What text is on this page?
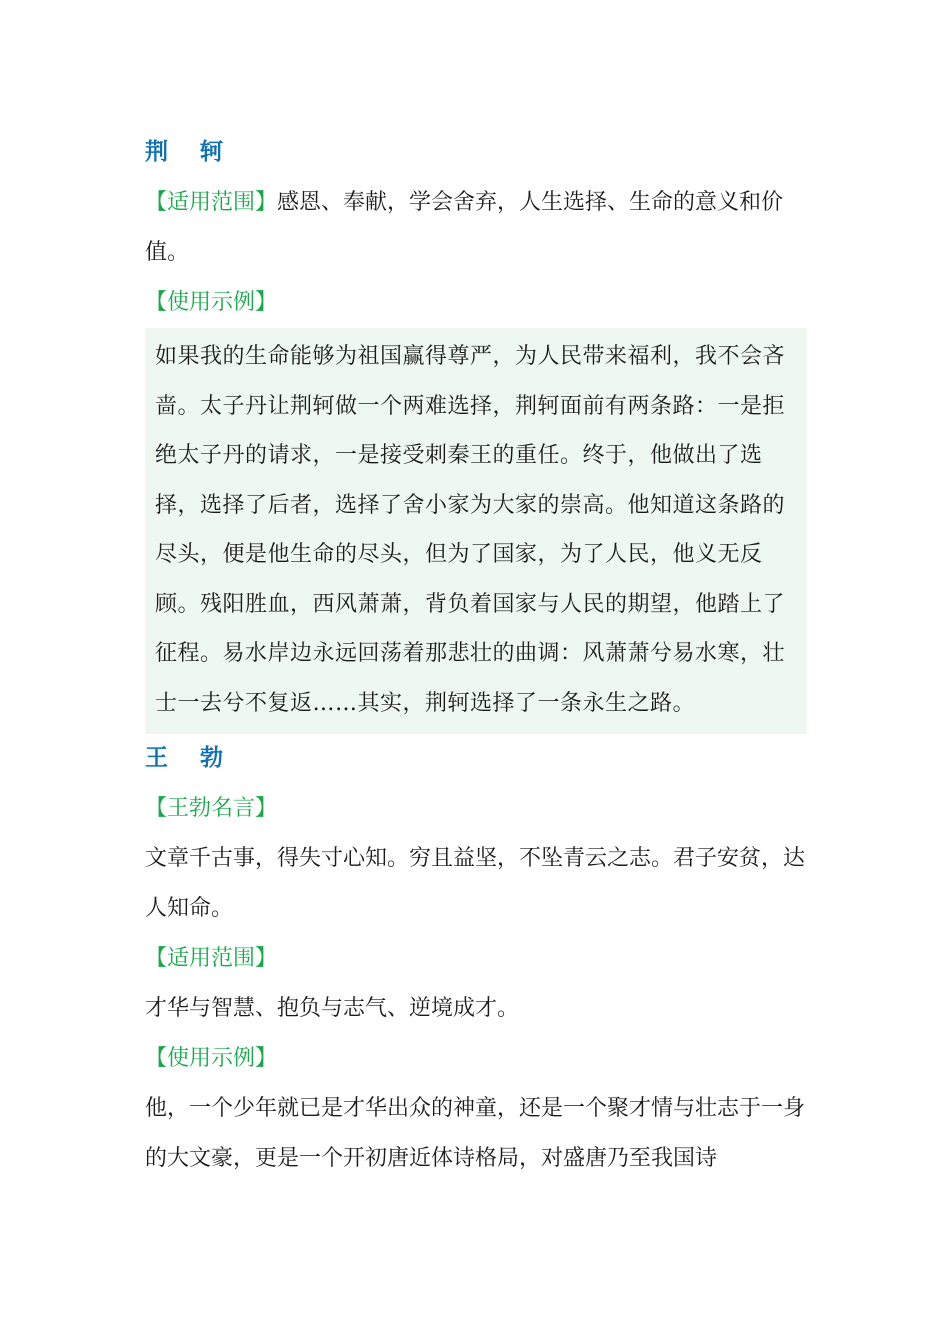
荆 轲

【适用范围】感恩、奉献，学会舍弃，人生选择、生命的意义和价值。

【使用示例】

如果我的生命能够为祖国赢得尊严，为人民带来福利，我不会吝啬。太子丹让荆轲做一个两难选择，荆轲面前有两条路：一是拒绝太子丹的请求，一是接受刺秦王的重任。终于，他做出了选择，选择了后者，选择了舍小家为大家的崇高。他知道这条路的尽头，便是他生命的尽头，但为了国家，为了人民，他义无反顾。残阳胜血，西风萧萧，背负着国家与人民的期望，他踏上了征程。易水岸边永远回荡着那悲壮的曲调：风萧萧兮易水寒，壮士一去兮不复返……其实，荆轲选择了一条永生之路。

王 勃
【王勃名言】

文章千古事，得失寸心知。穷且益坚，不坠青云之志。君子安贫，达人知命。

【适用范围】

才华与智慧、抱负与志气、逆境成才。

【使用示例】

他，一个少年就已是才华出众的神童，还是一个聚才情与壮志于一身的大文豪，更是一个开初唐近体诗格局，对盛唐乃至我国诗
